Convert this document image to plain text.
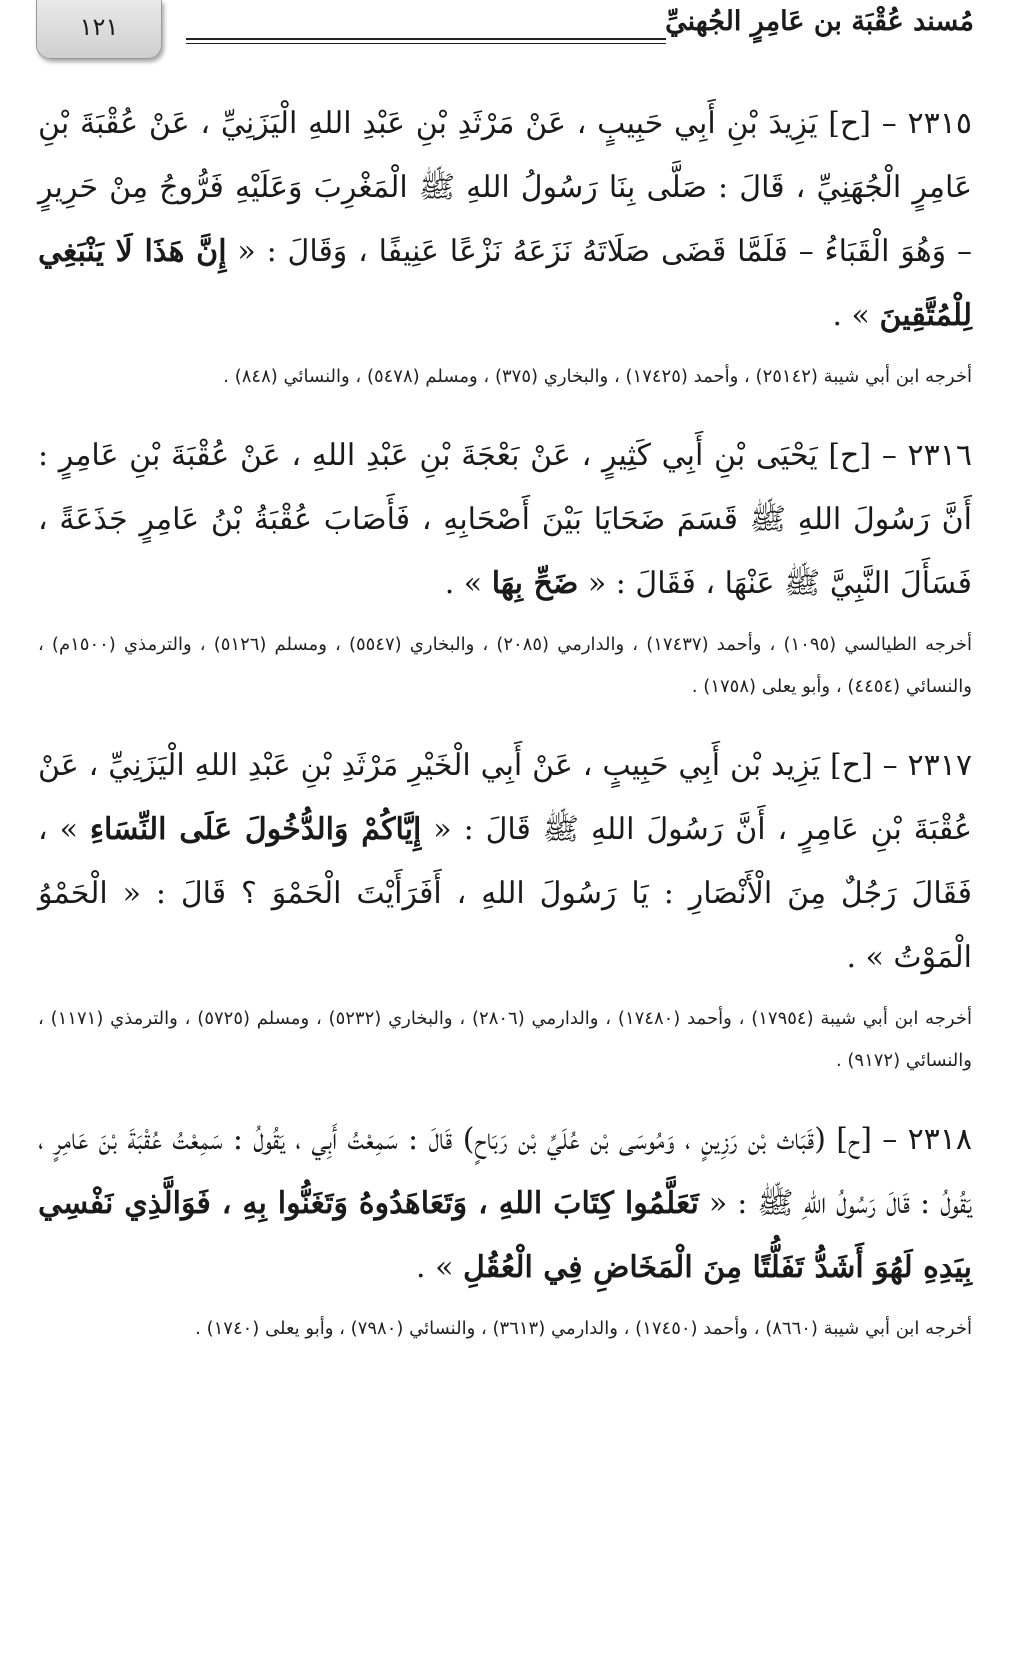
١٢١	مُسند عُقْبَة بن عَامِرٍ الجُهنيِّ

٢٣١٥ – [ح] يَزِيدَ بْنِ أَبِي حَبِيبٍ ، عَنْ مَرْثَدِ بْنِ عَبْدِ اللهِ الْيَزَنِيِّ ، عَنْ عُقْبَةَ بْنِ عَامِرٍ الْجُهَنِيِّ ، قَالَ : صَلَّى بِنَا رَسُولُ اللهِ ﷺ الْمَغْرِبَ وَعَلَيْهِ فَرُّوجُ مِنْ حَرِيرٍ – وَهُوَ الْقَبَاءُ – فَلَمَّا قَضَى صَلَاتَهُ نَزَعَهُ نَزْعًا عَنِيفًا ، وَقَالَ : « إِنَّ هَذَا لَا يَنْبَغِي لِلْمُتَّقِينَ » .

أخرجه ابن أبي شيبة (٢٥١٤٢) ، وأحمد (١٧٤٢٥) ، والبخاري (٣٧٥) ، ومسلم (٥٤٧٨) ، والنسائي (٨٤٨) .

٢٣١٦ – [ح] يَحْيَى بْنِ أَبِي كَثِيرٍ ، عَنْ بَعْجَةَ بْنِ عَبْدِ اللهِ ، عَنْ عُقْبَةَ بْنِ عَامِرٍ : أَنَّ رَسُولَ اللهِ ﷺ قَسَمَ ضَحَايَا بَيْنَ أَصْحَابِهِ ، فَأَصَابَ عُقْبَةُ بْنُ عَامِرٍ جَذَعَةً ، فَسَأَلَ النَّبِيَّ ﷺ عَنْهَا ، فَقَالَ : « ضَحِّ بِهَا » .

أخرجه الطيالسي (١٠٩٥) ، وأحمد (١٧٤٣٧) ، والدارمي (٢٠٨٥) ، والبخاري (٥٥٤٧) ، ومسلم (٥١٢٦) ، والترمذي (١٥٠٠م) ، والنسائي (٤٤٥٤) ، وأبو يعلى (١٧٥٨) .

٢٣١٧ – [ح] يَزِيد بْن أَبِي حَبِيبٍ ، عَنْ أَبِي الْخَيْرِ مَرْثَدِ بْنِ عَبْدِ اللهِ الْيَزَنِيِّ ، عَنْ عُقْبَةَ بْنِ عَامِرٍ ، أَنَّ رَسُولَ اللهِ ﷺ قَالَ : « إِيَّاكُمْ وَالدُّخُولَ عَلَى النِّسَاءِ » ، فَقَالَ رَجُلٌ مِنَ الْأَنْصَارِ : يَا رَسُولَ اللهِ ، أَفَرَأَيْتَ الْحَمْوَ ؟ قَالَ : « الْحَمْوُ الْمَوْتُ » .

أخرجه ابن أبي شيبة (١٧٩٥٤) ، وأحمد (١٧٤٨٠) ، والدارمي (٢٨٠٦) ، والبخاري (٥٢٣٢) ، ومسلم (٥٧٢٥) ، والترمذي (١١٧١) ، والنسائي (٩١٧٢) .

٢٣١٨ – [ح] (قَبَاث بْن رَزِينٍ ، وَمُوسَى بْن عُلَيِّ بْن رَبَاحٍ) قَالَ : سَمِعْتُ أَبِي ، يَقُولُ : سَمِعْتُ عُقْبَةَ بْنَ عَامِرٍ ، يَقُولُ : قَالَ رَسُولُ اللهِ ﷺ : « تَعَلَّمُوا كِتَابَ اللهِ ، وَتَعَاهَدُوهُ وَتَغَنُّوا بِهِ ، فَوَالَّذِي نَفْسِي بِيَدِهِ لَهُوَ أَشَدُّ تَفَلُّتًا مِنَ الْمَخَاضِ فِي الْعُقُلِ » .

أخرجه ابن أبي شيبة (٨٦٦٠) ، وأحمد (١٧٤٥٠) ، والدارمي (٣٦١٣) ، والنسائي (٧٩٨٠) ، وأبو يعلى (١٧٤٠) .
